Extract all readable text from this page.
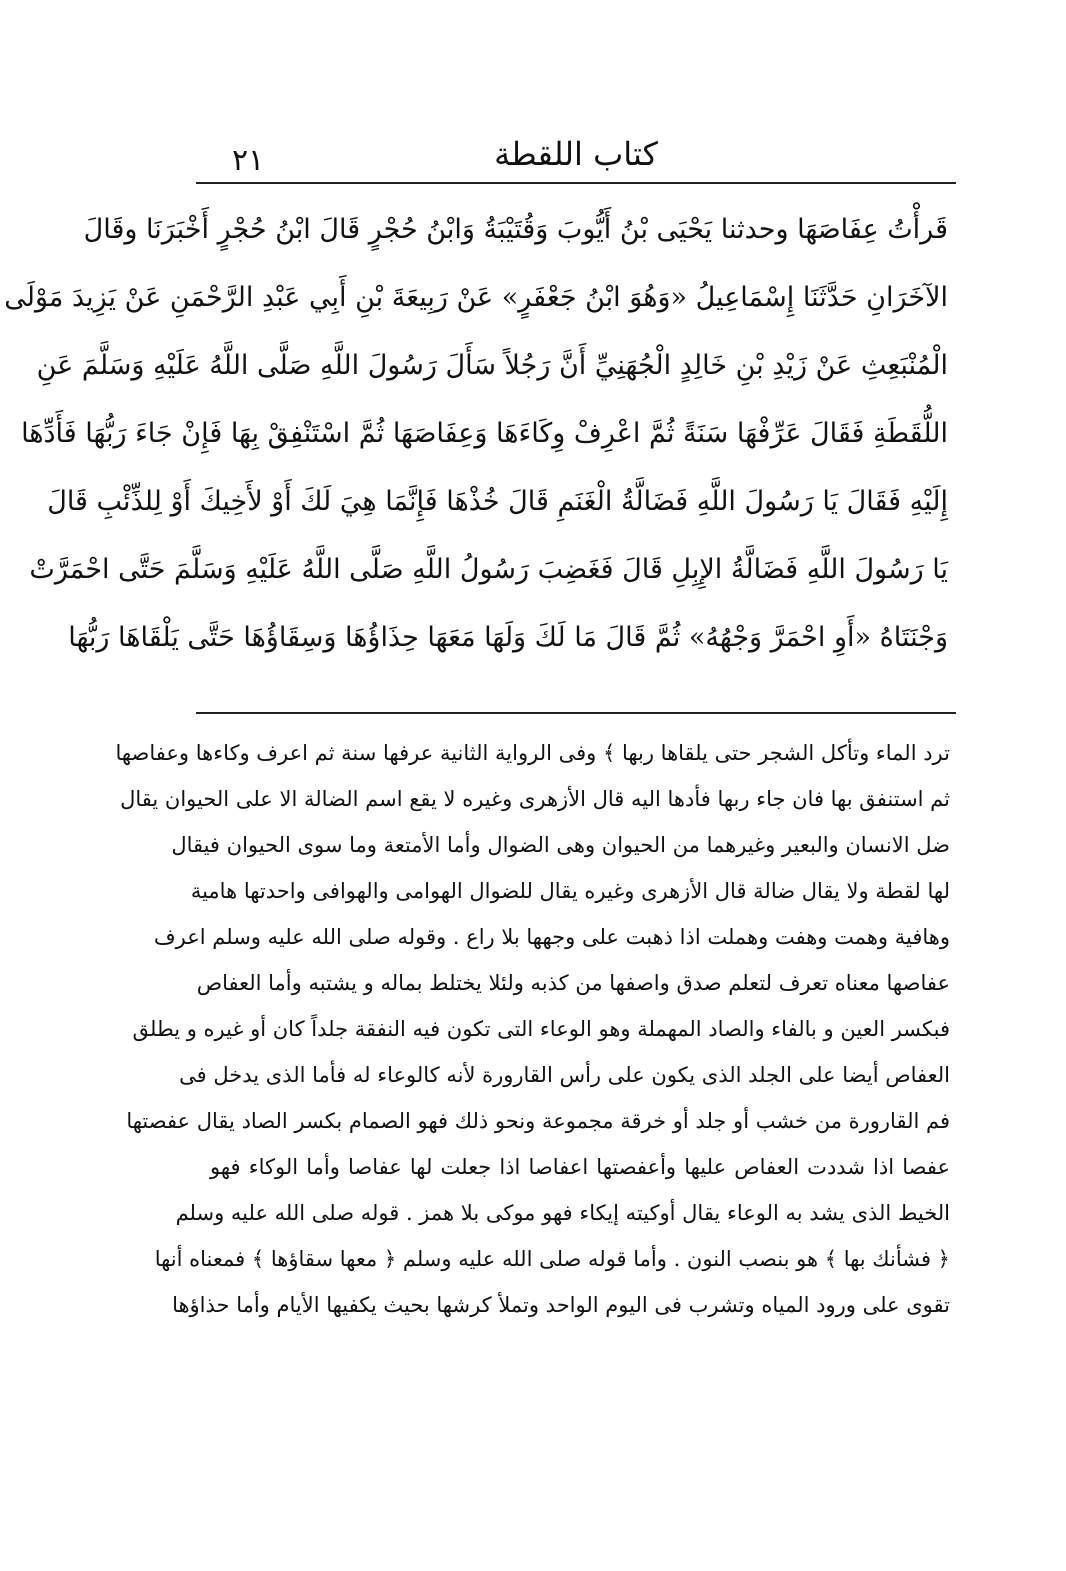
٢١	كتاب اللقطة
قَرأْتُ عِفَاصَهَا وحدثنا يَحْيَى بْنُ أَيُّوبَ وَقُتَيْبَةُ وَابْنُ حُجْرٍ قَالَ ابْنُ حُجْرٍ أَخْبَرَنَا وقَالَ
الآخَرَانِ حَدَّثَنَا إِسْمَاعِيلُ «وَهُوَ ابْنُ جَعْفَرٍ» عَنْ رَبِيعَةَ بْنِ أَبِي عَبْدِ الرَّحْمَنِ عَنْ يَزِيدَ مَوْلَى
الْمُنْبَعِثِ عَنْ زَيْدِ بْنِ خَالِدٍ الْجُهَنِيِّ أَنَّ رَجُلاً سَأَلَ رَسُولَ اللَّهِ صَلَّى اللَّهُ عَلَيْهِ وَسَلَّمَ عَنِ
اللُّقَطَةِ فَقَالَ عَرِّفْهَا سَنَةً ثُمَّ اعْرِفْ وِكَاءَهَا وَعِفَاصَهَا ثُمَّ اسْتَنْفِقْ بِهَا فَإِنْ جَاءَ رَبُّهَا فَأَدِّهَا
إِلَيْهِ فَقَالَ يَا رَسُولَ اللَّهِ فَضَالَّةُ الْغَنَمِ قَالَ خُذْهَا فَإِنَّمَا هِيَ لَكَ أَوْ لأَخِيكَ أَوْ لِلذِّئْبِ قَالَ
يَا رَسُولَ اللَّهِ فَضَالَّةُ الإِبِلِ قَالَ فَغَضِبَ رَسُولُ اللَّهِ صَلَّى اللَّهُ عَلَيْهِ وَسَلَّمَ حَتَّى احْمَرَّتْ
وَجْنَتَاهُ «أَوِ احْمَرَّ وَجْهُهُ» ثُمَّ قَالَ مَا لَكَ وَلَهَا مَعَهَا حِذَاؤُهَا وَسِقَاؤُهَا حَتَّى يَلْقَاهَا رَبُّهَا
ترد الماء وتأكل الشجر حتى يلقاها ربها ﴾ وفى الرواية الثانية عرفها سنة ثم اعرف وكاءها وعفاصها
ثم استنفق بها فان جاء ربها فأدها اليه قال الأزهرى وغيره لا يقع اسم الضالة الا على الحيوان يقال
ضل الانسان والبعير وغيرهما من الحيوان وهى الضوال وأما الأمتعة وما سوى الحيوان فيقال
لها لقطة ولا يقال ضالة قال الأزهرى وغيره يقال للضوال الهوامى والهوافى واحدتها هامية
وهافية وهمت وهفت وهملت اذا ذهبت على وجهها بلا راع . وقوله صلى الله عليه وسلم اعرف
عفاصها معناه تعرف لتعلم صدق واصفها من كذبه ولئلا يختلط بماله و يشتبه وأما العفاص
فبكسر العين و بالفاء والصاد المهملة وهو الوعاء التى تكون فيه النفقة جلداً كان أو غيره و يطلق
العفاص أيضا على الجلد الذى يكون على رأس القارورة لأنه كالوعاء له فأما الذى يدخل فى
فم القارورة من خشب أو جلد أو خرقة مجموعة ونحو ذلك فهو الصمام بكسر الصاد يقال عفصتها
عفصا اذا شددت العفاص عليها وأعفصتها اعفاصا اذا جعلت لها عفاصا وأما الوكاء فهو
الخيط الذى يشد به الوعاء يقال أوكيته إيكاء فهو موكى بلا همز . قوله صلى الله عليه وسلم
﴿ فشأنك بها ﴾ هو بنصب النون . وأما قوله صلى الله عليه وسلم ﴿ معها سقاؤها ﴾ فمعناه أنها
تقوى على ورود المياه وتشرب فى اليوم الواحد وتملأ كرشها بحيث يكفيها الأيام وأما حذاؤها
